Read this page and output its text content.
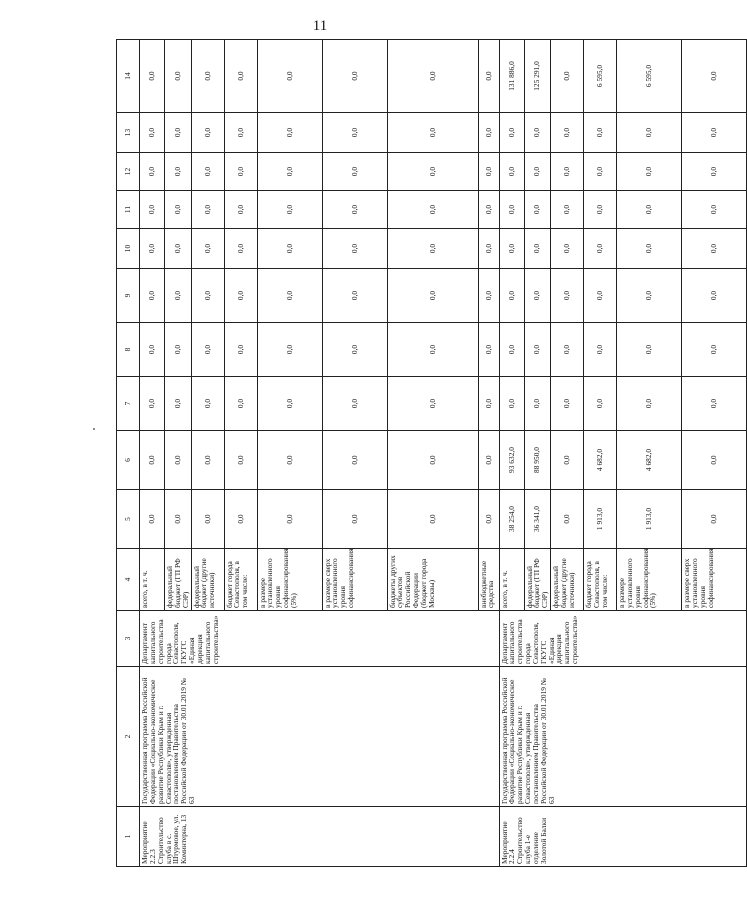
11
1	2	3	4	5	6	7	8	9	10	11	12	13	14
Мероприятие 2.2.3 Строительство клуба в с. Штурмовое, ул. Коминтерна, 13	Государственная программа Российской Федерации «Социально-экономическое развитие Республики Крым и г. Севастополя», утвержденная постановлением Правительства Российской Федерации от 30.01.2019 № 63	Департамент капитального строительства города Севастополя, ГКУГС «Единая дирекция капитального строительства»	всего, в т. ч.	0,0	0,0	0,0	0,0	0,0	0,0	0,0	0,0	0,0	0,0
			федеральный бюджет (ГП РФ СЭР)	0,0	0,0	0,0	0,0	0,0	0,0	0,0	0,0	0,0	0,0
			федеральный бюджет (другие источники)	0,0	0,0	0,0	0,0	0,0	0,0	0,0	0,0	0,0	0,0
			бюджет города Севастополя, в том числе:	0,0	0,0	0,0	0,0	0,0	0,0	0,0	0,0	0,0	0,0
			в размере установленного уровня софинансирования (5%)	0,0	0,0	0,0	0,0	0,0	0,0	0,0	0,0	0,0	0,0
			в размере сверх установленного уровня софинансирования	0,0	0,0	0,0	0,0	0,0	0,0	0,0	0,0	0,0	0,0
			бюджеты других субъектов Российской Федерации (бюджет города Москвы)	0,0	0,0	0,0	0,0	0,0	0,0	0,0	0,0	0,0	0,0
			внебюджетные средства	0,0	0,0	0,0	0,0	0,0	0,0	0,0	0,0	0,0	0,0
Мероприятие 2.2.4 Строительство клуба 1-е отделение Золотой Балки	Государственная программа Российской Федерации «Социально-экономическое развитие Республики Крым и г. Севастополя», утвержденная постановлением Правительства Российской Федерации от 30.01.2019 № 63	Департамент капитального строительства города Севастополя, ГКУГС «Единая дирекция капитального строительства»	всего, в т. ч.	38 254,0	93 632,0	0,0	0,0	0,0	0,0	0,0	0,0	0,0	131 886,0
			федеральный бюджет (ГП РФ СЭР)	36 341,0	88 950,0	0,0	0,0	0,0	0,0	0,0	0,0	0,0	125 291,0
			федеральный бюджет (другие источники)	0,0	0,0	0,0	0,0	0,0	0,0	0,0	0,0	0,0	0,0
			бюджет города Севастополя, в том числе:	1 913,0	4 682,0	0,0	0,0	0,0	0,0	0,0	0,0	0,0	6 595,0
			в размере установленного уровня софинансирования (5%)	1 913,0	4 682,0	0,0	0,0	0,0	0,0	0,0	0,0	0,0	6 595,0
			в размере сверх установленного уровня софинансирования	0,0	0,0	0,0	0,0	0,0	0,0	0,0	0,0	0,0	0,0
